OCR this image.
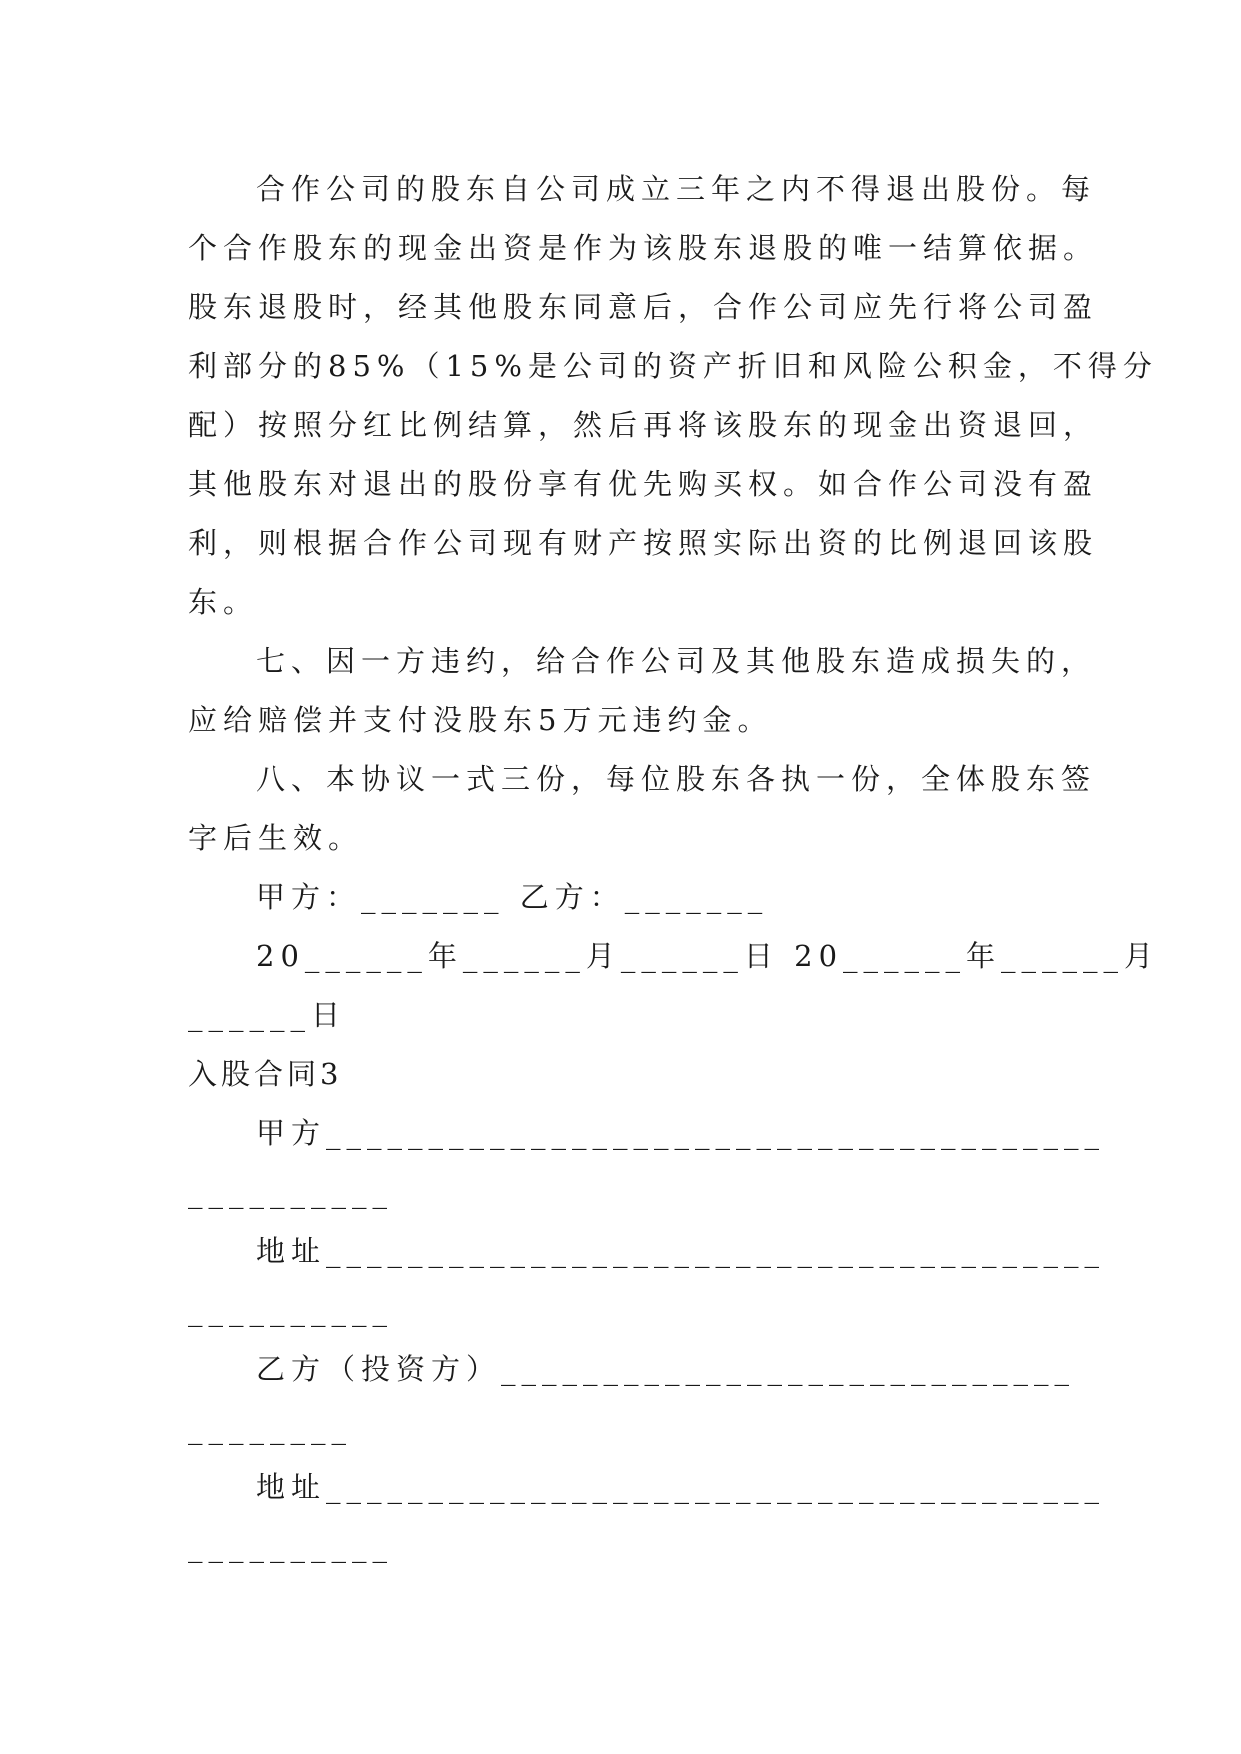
合作公司的股东自公司成立三年之内不得退出股份。每
个合作股东的现金出资是作为该股东退股的唯一结算依据。
股东退股时，经其他股东同意后，合作公司应先行将公司盈
利部分的85%（15%是公司的资产折旧和风险公积金，不得分
配）按照分红比例结算，然后再将该股东的现金出资退回，
其他股东对退出的股份享有优先购买权。如合作公司没有盈
利，则根据合作公司现有财产按照实际出资的比例退回该股
东。
七、因一方违约，给合作公司及其他股东造成损失的，
应给赔偿并支付没股东5万元违约金。
八、本协议一式三份，每位股东各执一份，全体股东签
字后生效。
甲方：_______ 乙方：_______
20______年______月______日 20______年______月
______日
入股合同3
甲方______________________________________
__________
地址______________________________________
__________
乙方（投资方）____________________________
________
地址______________________________________
__________
